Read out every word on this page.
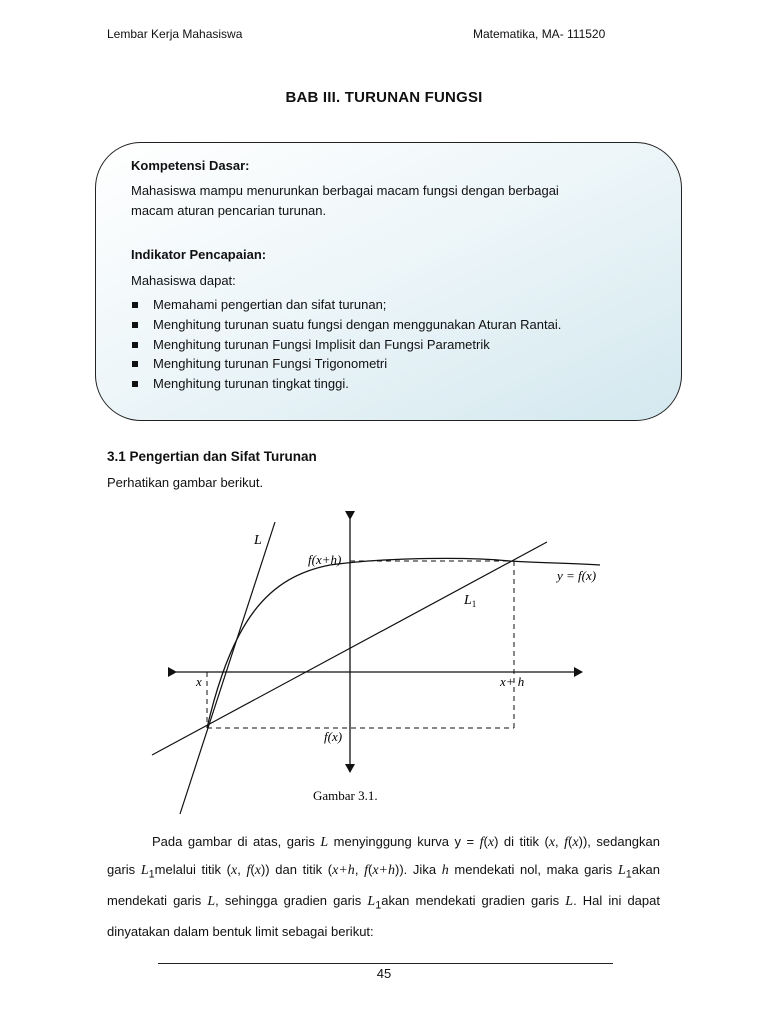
Lembar Kerja Mahasiswa	Matematika, MA- 111520
BAB III. TURUNAN FUNGSI
Kompetensi Dasar:
Mahasiswa mampu menurunkan berbagai macam fungsi dengan berbagai
macam aturan pencarian turunan.
Indikator Pencapaian:
Mahasiswa dapat:
Memahami pengertian dan sifat turunan;
Menghitung turunan suatu fungsi dengan menggunakan Aturan Rantai.
Menghitung turunan Fungsi Implisit dan Fungsi Parametrik
Menghitung turunan Fungsi Trigonometri
Menghitung turunan tingkat tinggi.
3.1 Pengertian dan Sifat Turunan
Perhatikan gambar berikut.
L
$L_1$
f(x+h)
y = f(x)
x	x+ h
f(x)
Gambar 3.1.

Pada gambar di atas, garis L menyinggung kurva y = f(x) di titik (x, f(x)), sedangkan garis $L_1melalui$ titik (x, f(x)) dan titik (x+h, f(x+h)). Jika h mendekati nol, maka garis $L_1akan$ mendekati garis L, sehingga gradien garis $L_1akan$ mendekati gradien garis L. Hal ini dapat dinyatakan dalam bentuk limit sebagai berikut:

45
